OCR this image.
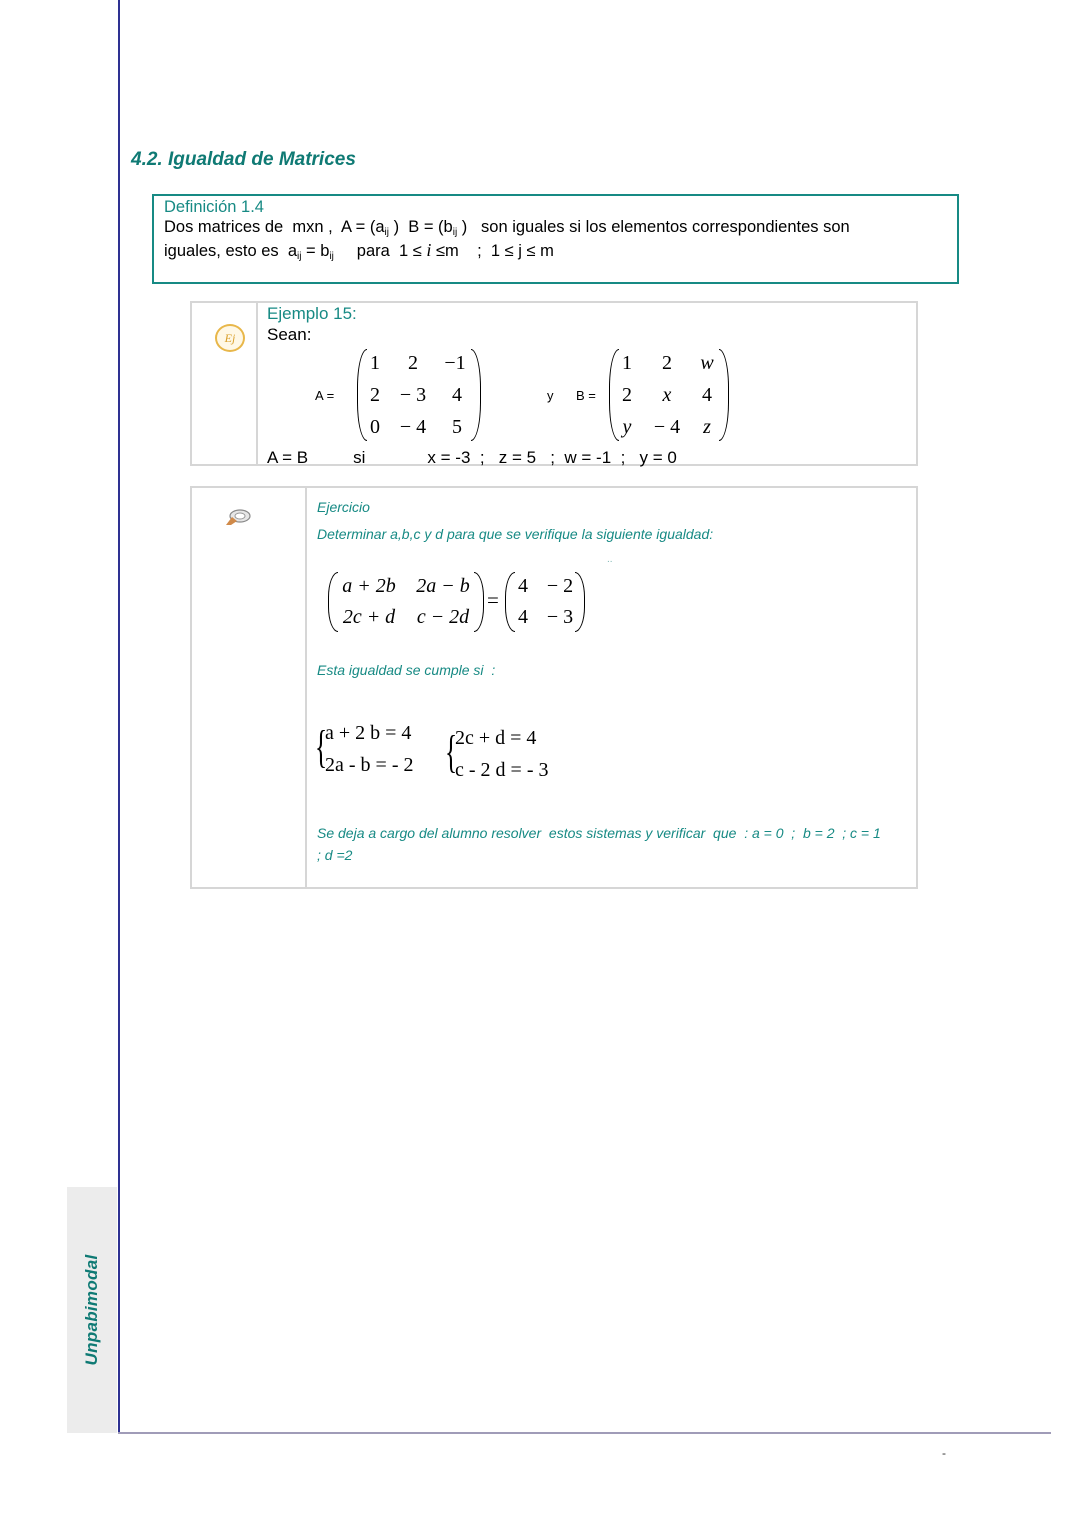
Unpabimodal
-
4.2. Igualdad de Matrices
Definición 1.4
Dos matrices de  mxn ,  $A = (a_{ij}$ )  $B = (b_{ij}$ )   son iguales si los elementos correspondientes son
iguales, esto es  $a_{ij} = b_{ij}$     para  1 ≤ i ≤m    ;  1 ≤ j ≤ m
Ej
Ejemplo 15:
Sean:
A =
1	2	−1
2 − 3	4
0 − 4	5
y B =
1	2	w
2	x	4
y	− 4	z
A = B	si	x = -3  ;   z = 5   ;  w = -1  ;   y = 0
Ejercicio
Determinar a,b,c y d para que se verifique la siguiente igualdad:
..
a + 2b	2a − b
2c + d	c − 2d
=
4 − 2
4 − 3
Esta igualdad se cumple si  :
{
a + 2 b = 4
2a - b = - 2 {
2c + d = 4
c - 2 d = - 3
Se deja a cargo del alumno resolver  estos sistemas y verificar  que  : a = 0  ;  b = 2  ; c = 1
; d =2
